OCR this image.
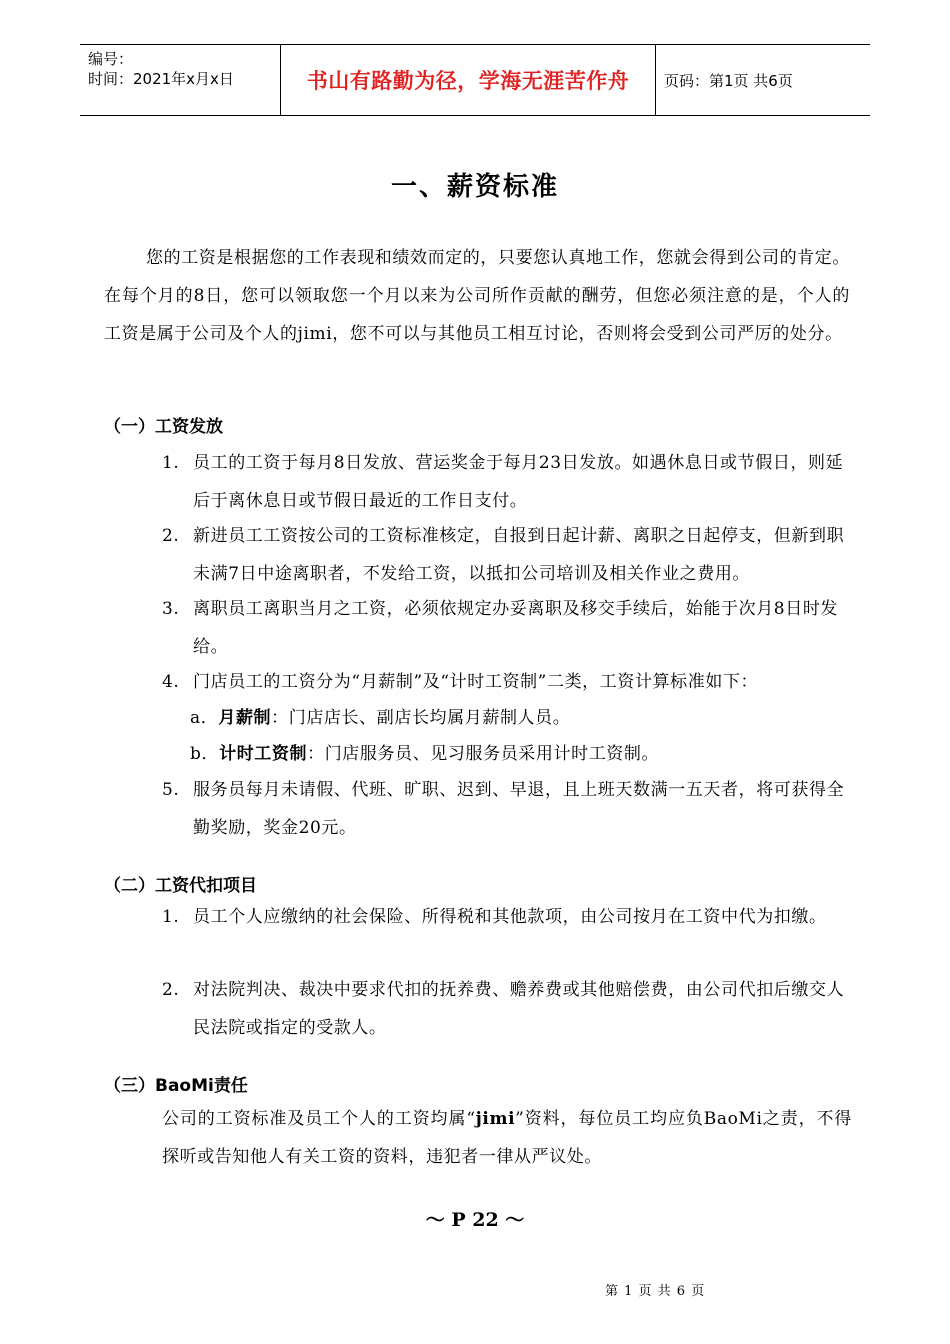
编号：
时间：2021年x月x日	书山有路勤为径，学海无涯苦作舟	页码：第1页 共6页
一、薪资标准
您的工资是根据您的工作表现和绩效而定的，只要您认真地工作，您就会得到公司的肯定。在每个月的8日，您可以领取您一个月以来为公司所作贡献的酬劳，但您必须注意的是，个人的工资是属于公司及个人的jimi，您不可以与其他员工相互讨论，否则将会受到公司严厉的处分。
（一）工资发放
1. 员工的工资于每月8日发放、营运奖金于每月23日发放。如遇休息日或节假日，则延后于离休息日或节假日最近的工作日支付。
2. 新进员工工资按公司的工资标准核定，自报到日起计薪、离职之日起停支，但新到职未满7日中途离职者，不发给工资，以抵扣公司培训及相关作业之费用。
3. 离职员工离职当月之工资，必须依规定办妥离职及移交手续后，始能于次月8日时发给。
4. 门店员工的工资分为“月薪制”及“计时工资制”二类，工资计算标准如下：
a．月薪制：门店店长、副店长均属月薪制人员。
b．计时工资制：门店服务员、见习服务员采用计时工资制。
5. 服务员每月未请假、代班、旷职、迟到、早退，且上班天数满一五天者，将可获得全勤奖励，奖金20元。
（二）工资代扣项目
1. 员工个人应缴纳的社会保险、所得税和其他款项，由公司按月在工资中代为扣缴。
2. 对法院判决、裁决中要求代扣的抚养费、赡养费或其他赔偿费，由公司代扣后缴交人民法院或指定的受款人。
（三）BaoMi责任
公司的工资标准及员工个人的工资均属“jimi”资料，每位员工均应负BaoMi之责，不得探听或告知他人有关工资的资料，违犯者一律从严议处。
～ P 22 ～
第 1 页 共 6 页
